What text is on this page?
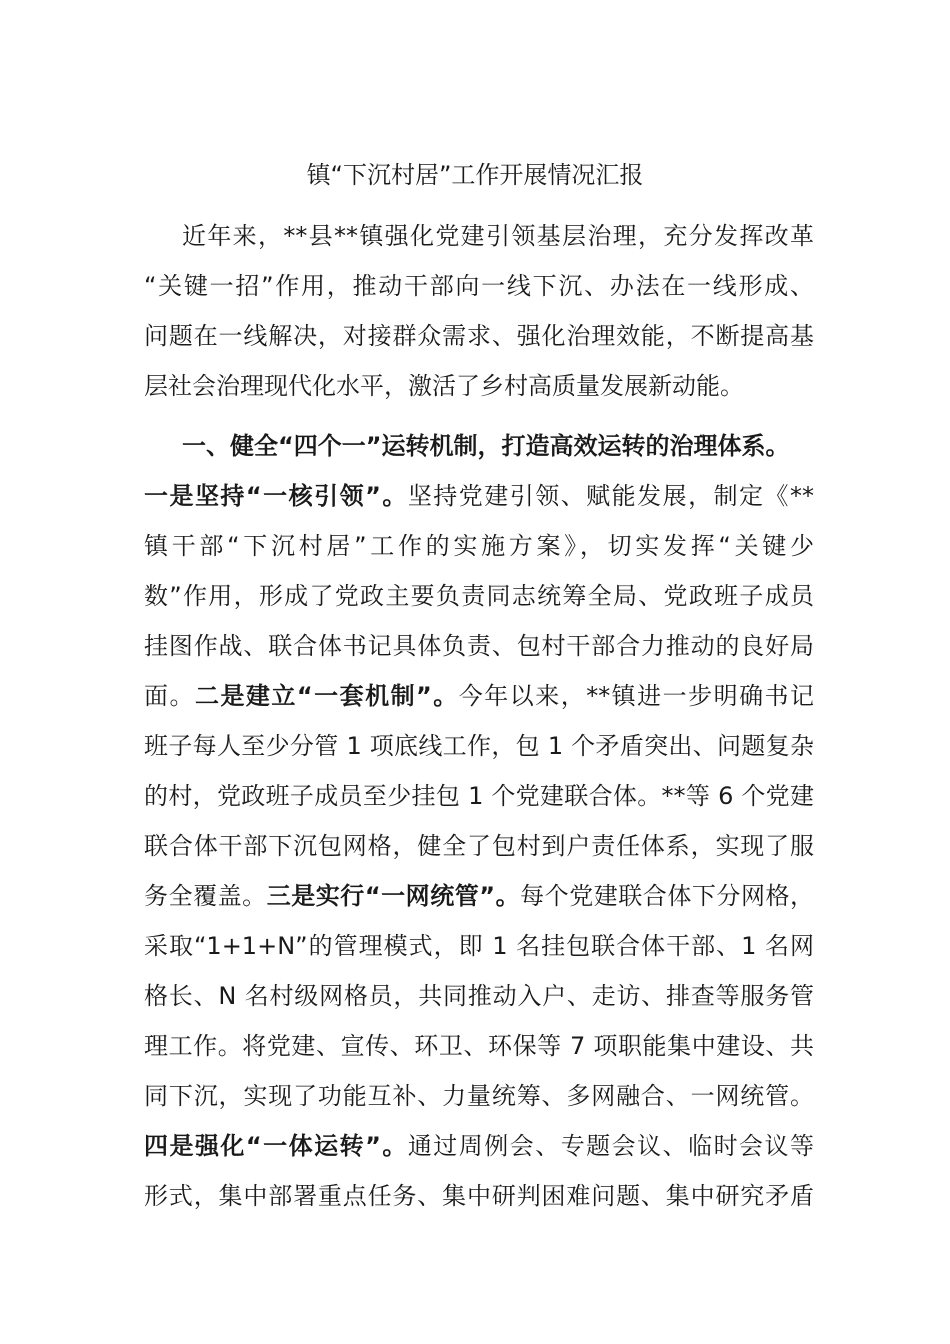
镇“下沉村居”工作开展情况汇报
近年来，**县**镇强化党建引领基层治理，充分发挥改革
“关键一招”作用，推动干部向一线下沉、办法在一线形成、
问题在一线解决，对接群众需求、强化治理效能，不断提高基
层社会治理现代化水平，激活了乡村高质量发展新动能。
一、健全“四个一”运转机制，打造高效运转的治理体系。
一是坚持“一核引领”。坚持党建引领、赋能发展，制定《**
镇干部“下沉村居”工作的实施方案》，切实发挥“关键少
数”作用，形成了党政主要负责同志统筹全局、党政班子成员
挂图作战、联合体书记具体负责、包村干部合力推动的良好局
面。二是建立“一套机制”。今年以来，**镇进一步明确书记
班子每人至少分管 1 项底线工作，包 1 个矛盾突出、问题复杂
的村，党政班子成员至少挂包 1 个党建联合体。**等 6 个党建
联合体干部下沉包网格，健全了包村到户责任体系，实现了服
务全覆盖。三是实行“一网统管”。每个党建联合体下分网格，
采取“1+1+N”的管理模式，即 1 名挂包联合体干部、1 名网
格长、N 名村级网格员，共同推动入户、走访、排查等服务管
理工作。将党建、宣传、环卫、环保等 7 项职能集中建设、共
同下沉，实现了功能互补、力量统筹、多网融合、一网统管。
四是强化“一体运转”。通过周例会、专题会议、临时会议等
形式，集中部署重点任务、集中研判困难问题、集中研究矛盾
